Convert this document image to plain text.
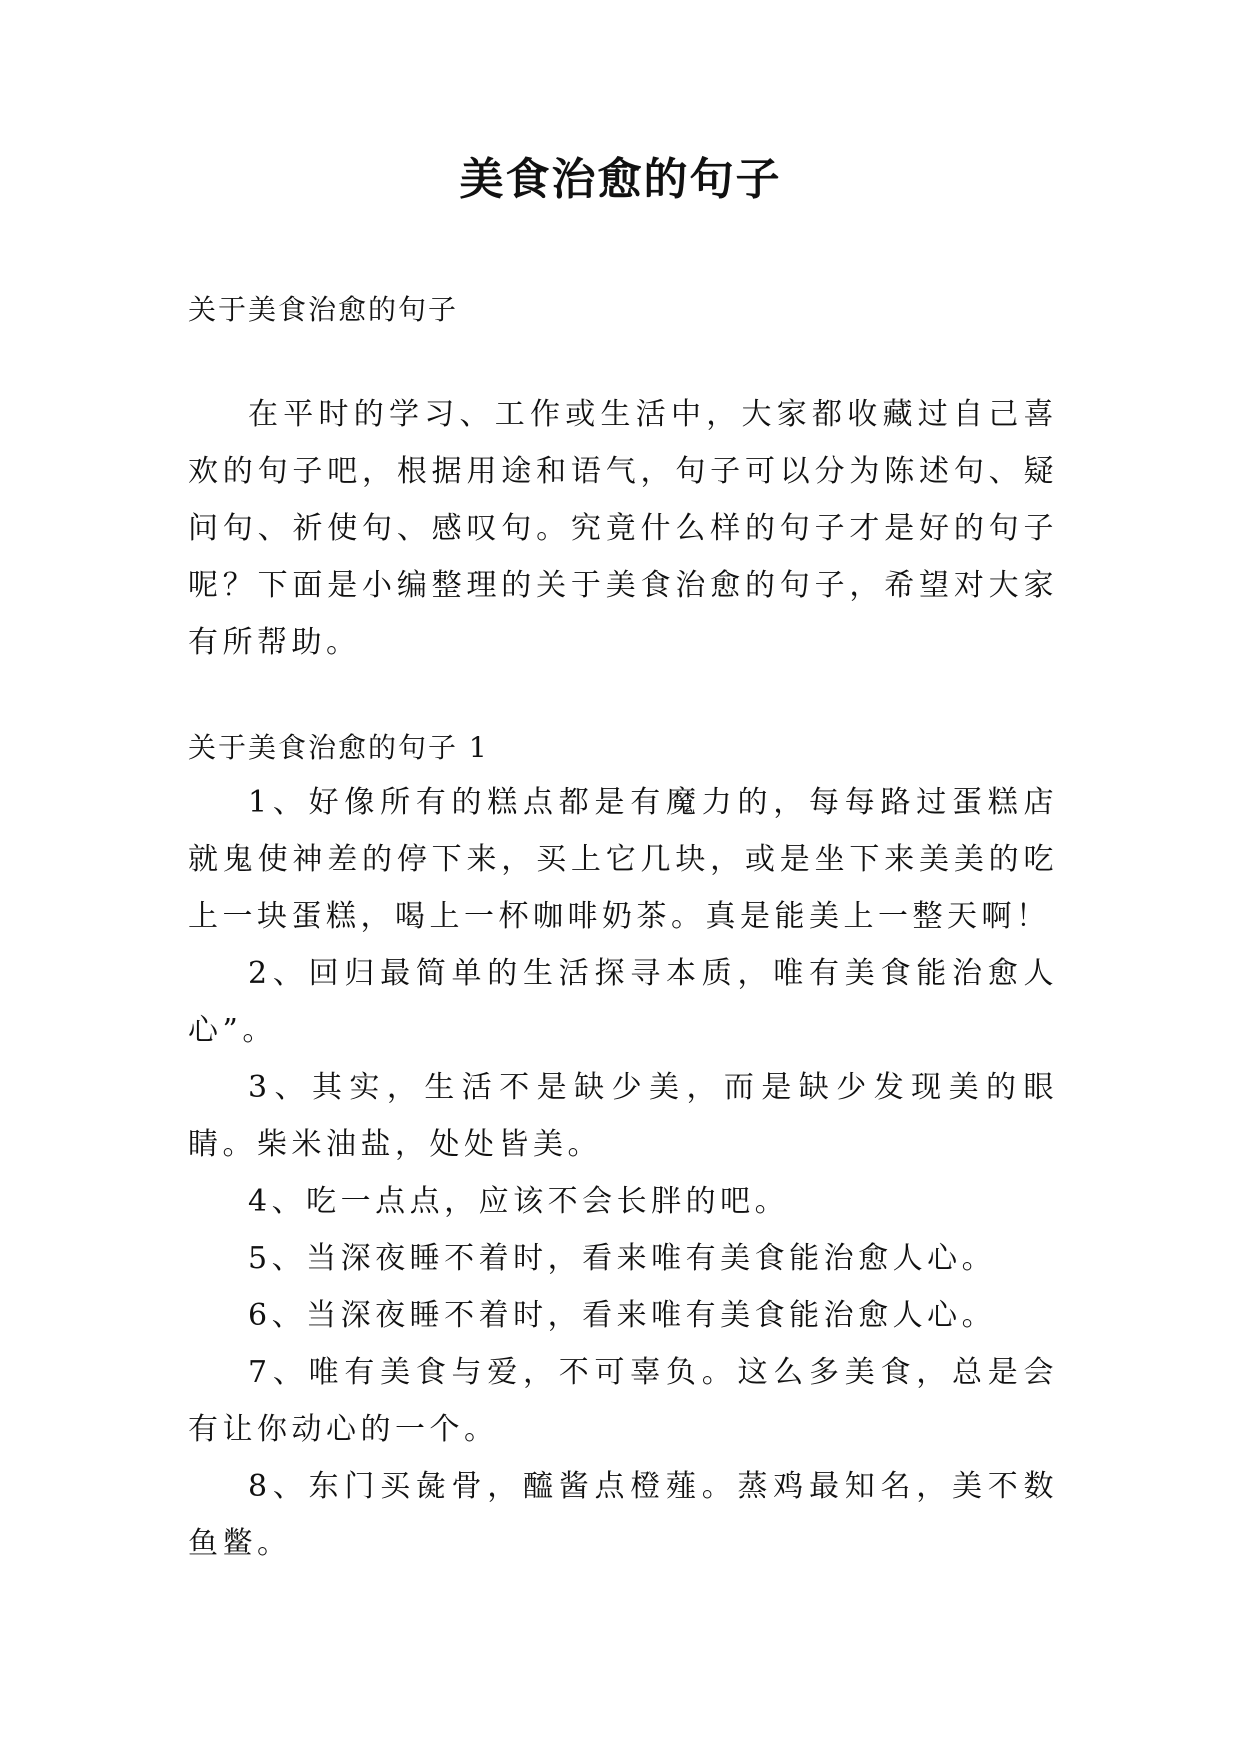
美食治愈的句子

关于美食治愈的句子

在平时的学习、工作或生活中，大家都收藏过自己喜欢的句子吧，根据用途和语气，句子可以分为陈述句、疑问句、祈使句、感叹句。究竟什么样的句子才是好的句子呢？下面是小编整理的关于美食治愈的句子，希望对大家有所帮助。

关于美食治愈的句子 1

1、好像所有的糕点都是有魔力的，每每路过蛋糕店就鬼使神差的停下来，买上它几块，或是坐下来美美的吃上一块蛋糕，喝上一杯咖啡奶茶。真是能美上一整天啊！

2、回归最简单的生活探寻本质，唯有美食能治愈人心”。

3、其实，生活不是缺少美，而是缺少发现美的眼睛。柴米油盐，处处皆美。

4、吃一点点，应该不会长胖的吧。

5、当深夜睡不着时，看来唯有美食能治愈人心。

6、当深夜睡不着时，看来唯有美食能治愈人心。

7、唯有美食与爱，不可辜负。这么多美食，总是会有让你动心的一个。

8、东门买彘骨，醯酱点橙薤。蒸鸡最知名，美不数鱼鳖。
